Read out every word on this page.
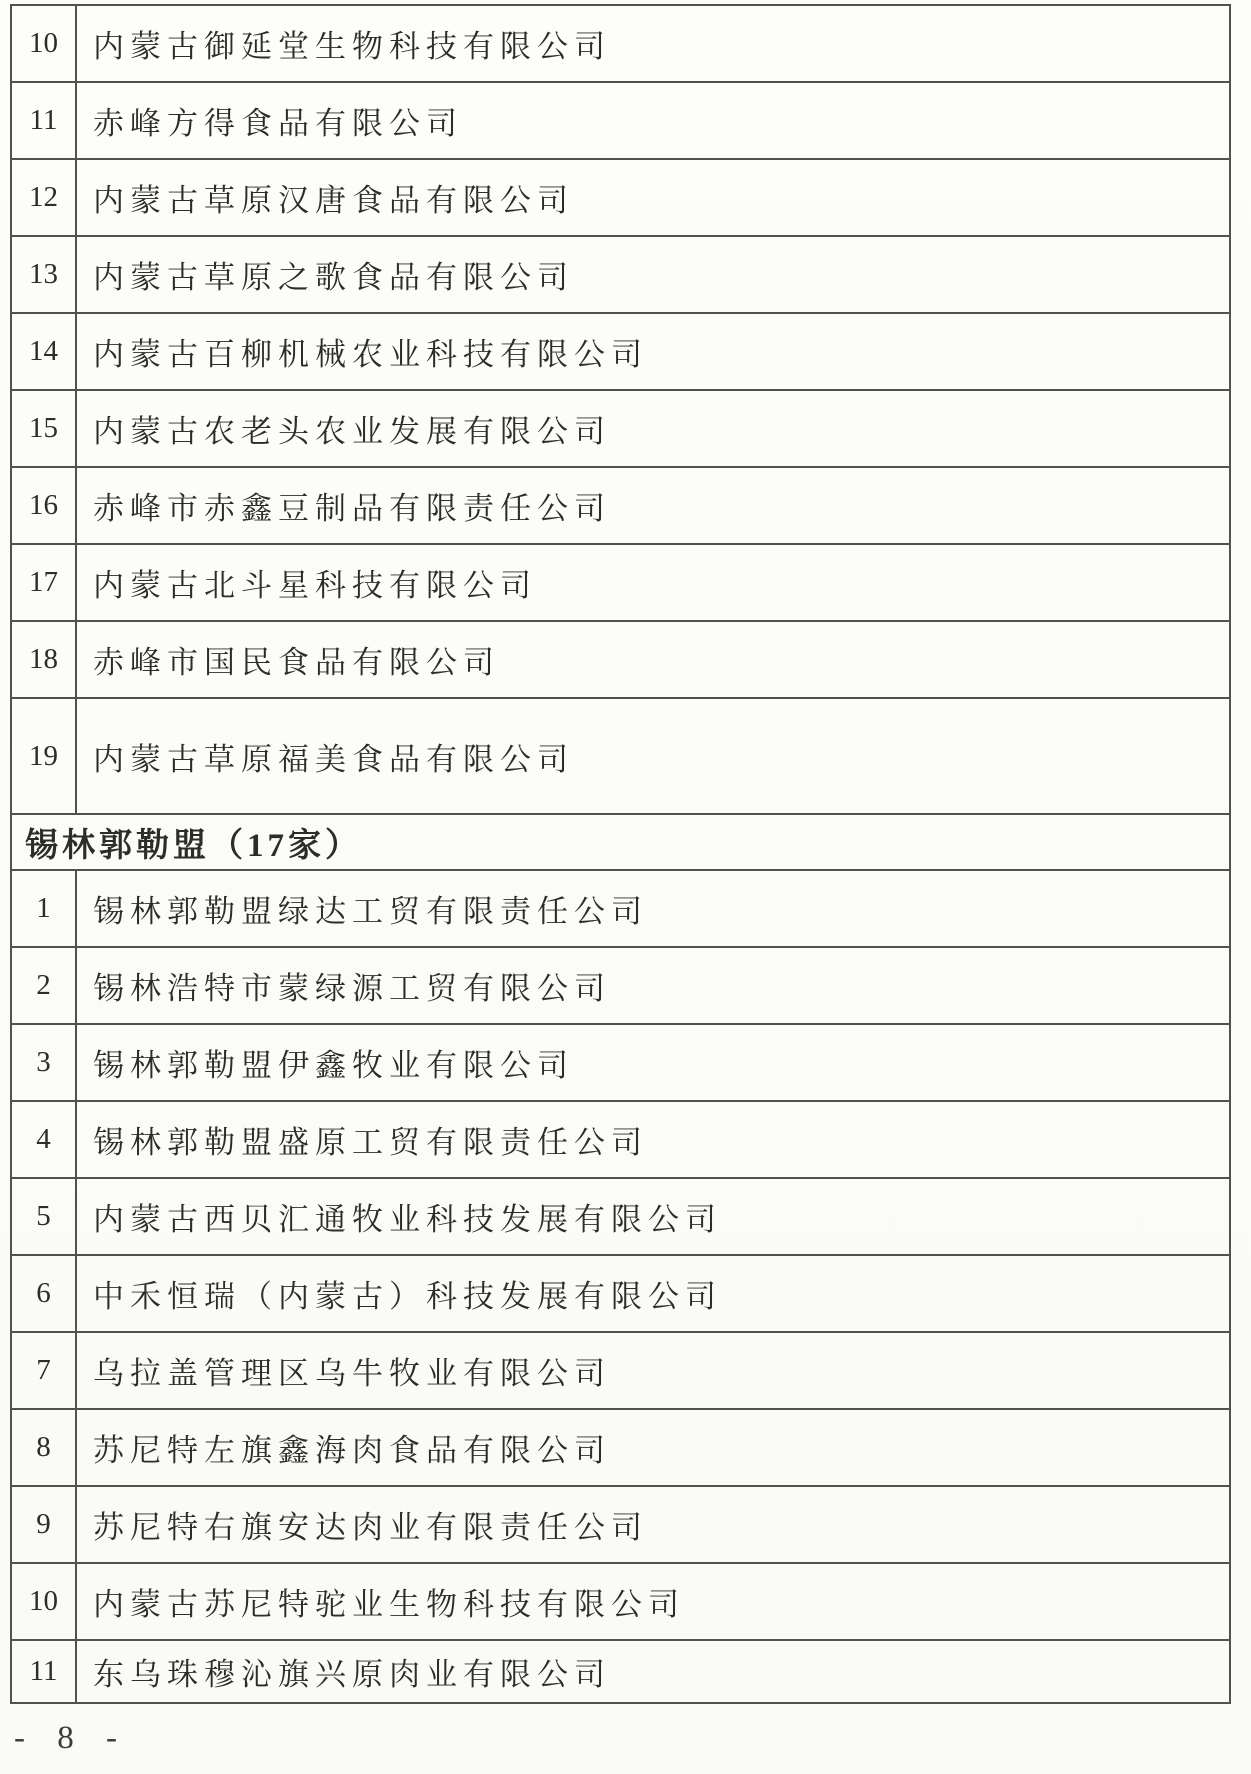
10	内蒙古御延堂生物科技有限公司
11	赤峰方得食品有限公司
12	内蒙古草原汉唐食品有限公司
13	内蒙古草原之歌食品有限公司
14	内蒙古百柳机械农业科技有限公司
15	内蒙古农老头农业发展有限公司
16	赤峰市赤鑫豆制品有限责任公司
17	内蒙古北斗星科技有限公司
18	赤峰市国民食品有限公司
19	内蒙古草原福美食品有限公司
锡林郭勒盟（17家）
1	锡林郭勒盟绿达工贸有限责任公司
2	锡林浩特市蒙绿源工贸有限公司
3	锡林郭勒盟伊鑫牧业有限公司
4	锡林郭勒盟盛原工贸有限责任公司
5	内蒙古西贝汇通牧业科技发展有限公司
6	中禾恒瑞（内蒙古）科技发展有限公司
7	乌拉盖管理区乌牛牧业有限公司
8	苏尼特左旗鑫海肉食品有限公司
9	苏尼特右旗安达肉业有限责任公司
10	内蒙古苏尼特驼业生物科技有限公司
11	东乌珠穆沁旗兴原肉业有限公司
- 8 -
